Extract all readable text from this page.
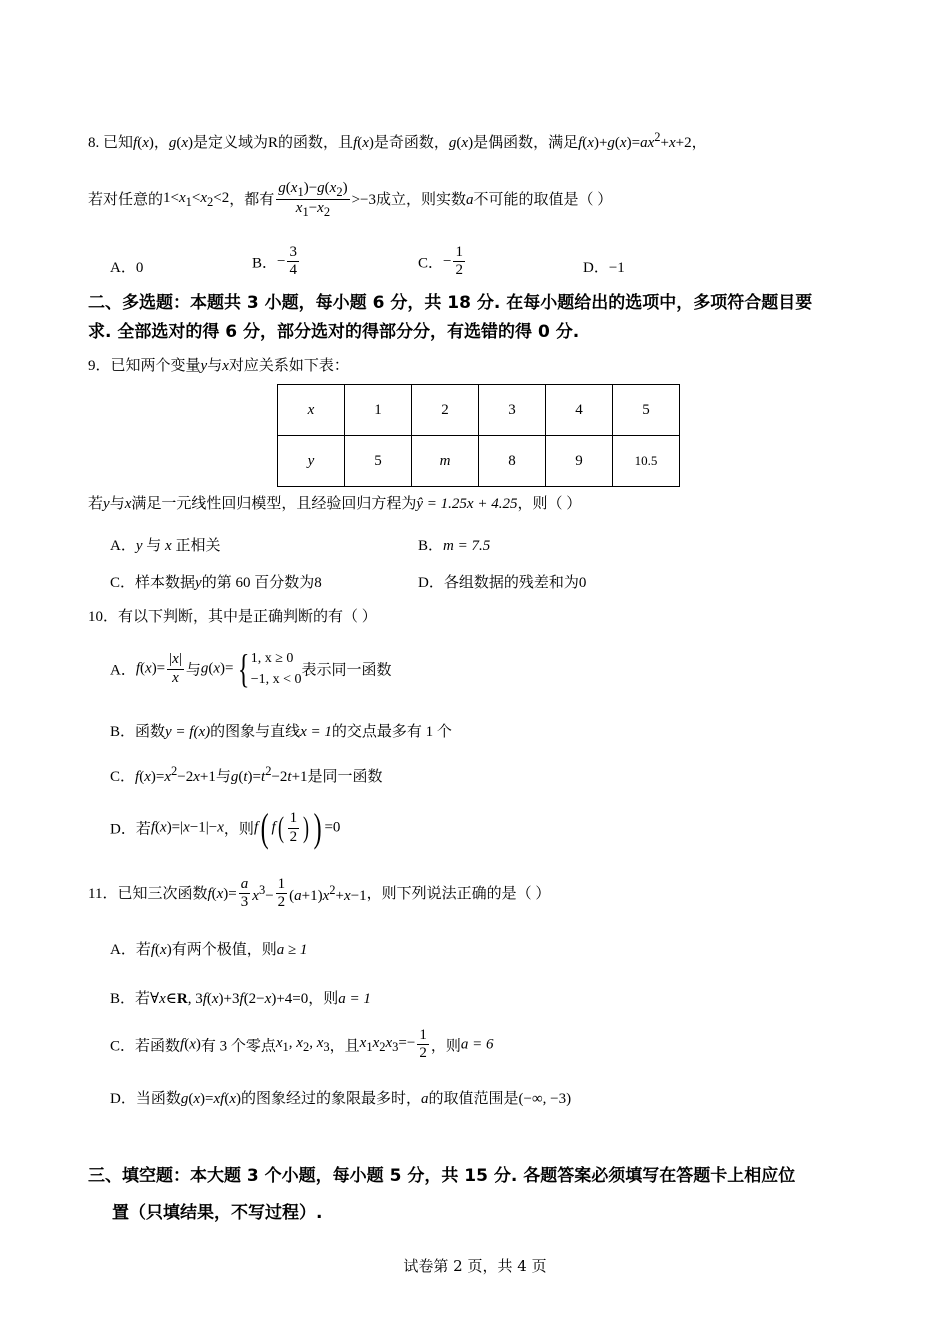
8. 已知f(x)，g(x)是定义域为R的函数，且f(x)是奇函数，g(x)是偶函数，满足$f(x)+g(x)=ax^2+x+2$，
若对任意的$1<x_1<x_2<2$，都有 $\frac{g(x_1)-g(x_2)}{x_1-x_2} >-3$成立，则实数a不可能的取值是（ ）
A．0	B．− $\frac{3}{4}$	C．− $\frac{1}{2}$	D．−1
二、多选题：本题共 3 小题，每小题 6 分，共 18 分. 在每小题给出的选项中，多项符合题目要
求. 全部选对的得 6 分，部分选对的得部分分，有选错的得 0 分.
9．已知两个变量y与x对应关系如下表：
x	1	2	3	4	5
y	5	m	8	9	10.5
若y与x满足一元线性回归模型，且经验回归方程为ŷ = 1.25x + 4.25，则（ ）
A．y 与 x 正相关	B．m = 7.5
C．样本数据y的第 60 百分数为8	D．各组数据的残差和为0
10．有以下判断，其中是正确判断的有（ ）
A．$f(x)= \frac{|x|}{x}$ 与g(x)={ 1, x ≥ 0
−1, x < 0表示同一函数
B．函数y = f(x)的图象与直线x = 1的交点最多有 1 个
C．$f(x)=x^2-2x+1$与$g(t)=t^2-2t+1$是同一函数
D．若f(x)=|x−1|−x，则f( $f( \frac{1}{2}$ ) ) =0
11．已知三次函数$f(x)= \frac{a}{3} x^3- \frac{1}{2} (a+1)x^2+x-1$，则下列说法正确的是（ ）
A．若f(x)有两个极值，则a ≥ 1
B．若∀x∈R, 3f(x)+3f(2−x)+4=0，则a = 1
C．若函数f(x)有 3 个零点$x_1$, $x_2$, $x_3$，且$x_1x_2x_3=- \frac{1}{2}$ ，则a = 6
D．当函数g(x)=xf(x)的图象经过的象限最多时，a的取值范围是(−∞, −3)
三、填空题：本大题 3 个小题，每小题 5 分，共 15 分. 各题答案必须填写在答题卡上相应位
置（只填结果，不写过程）.
试卷第 2 页，共 4 页
